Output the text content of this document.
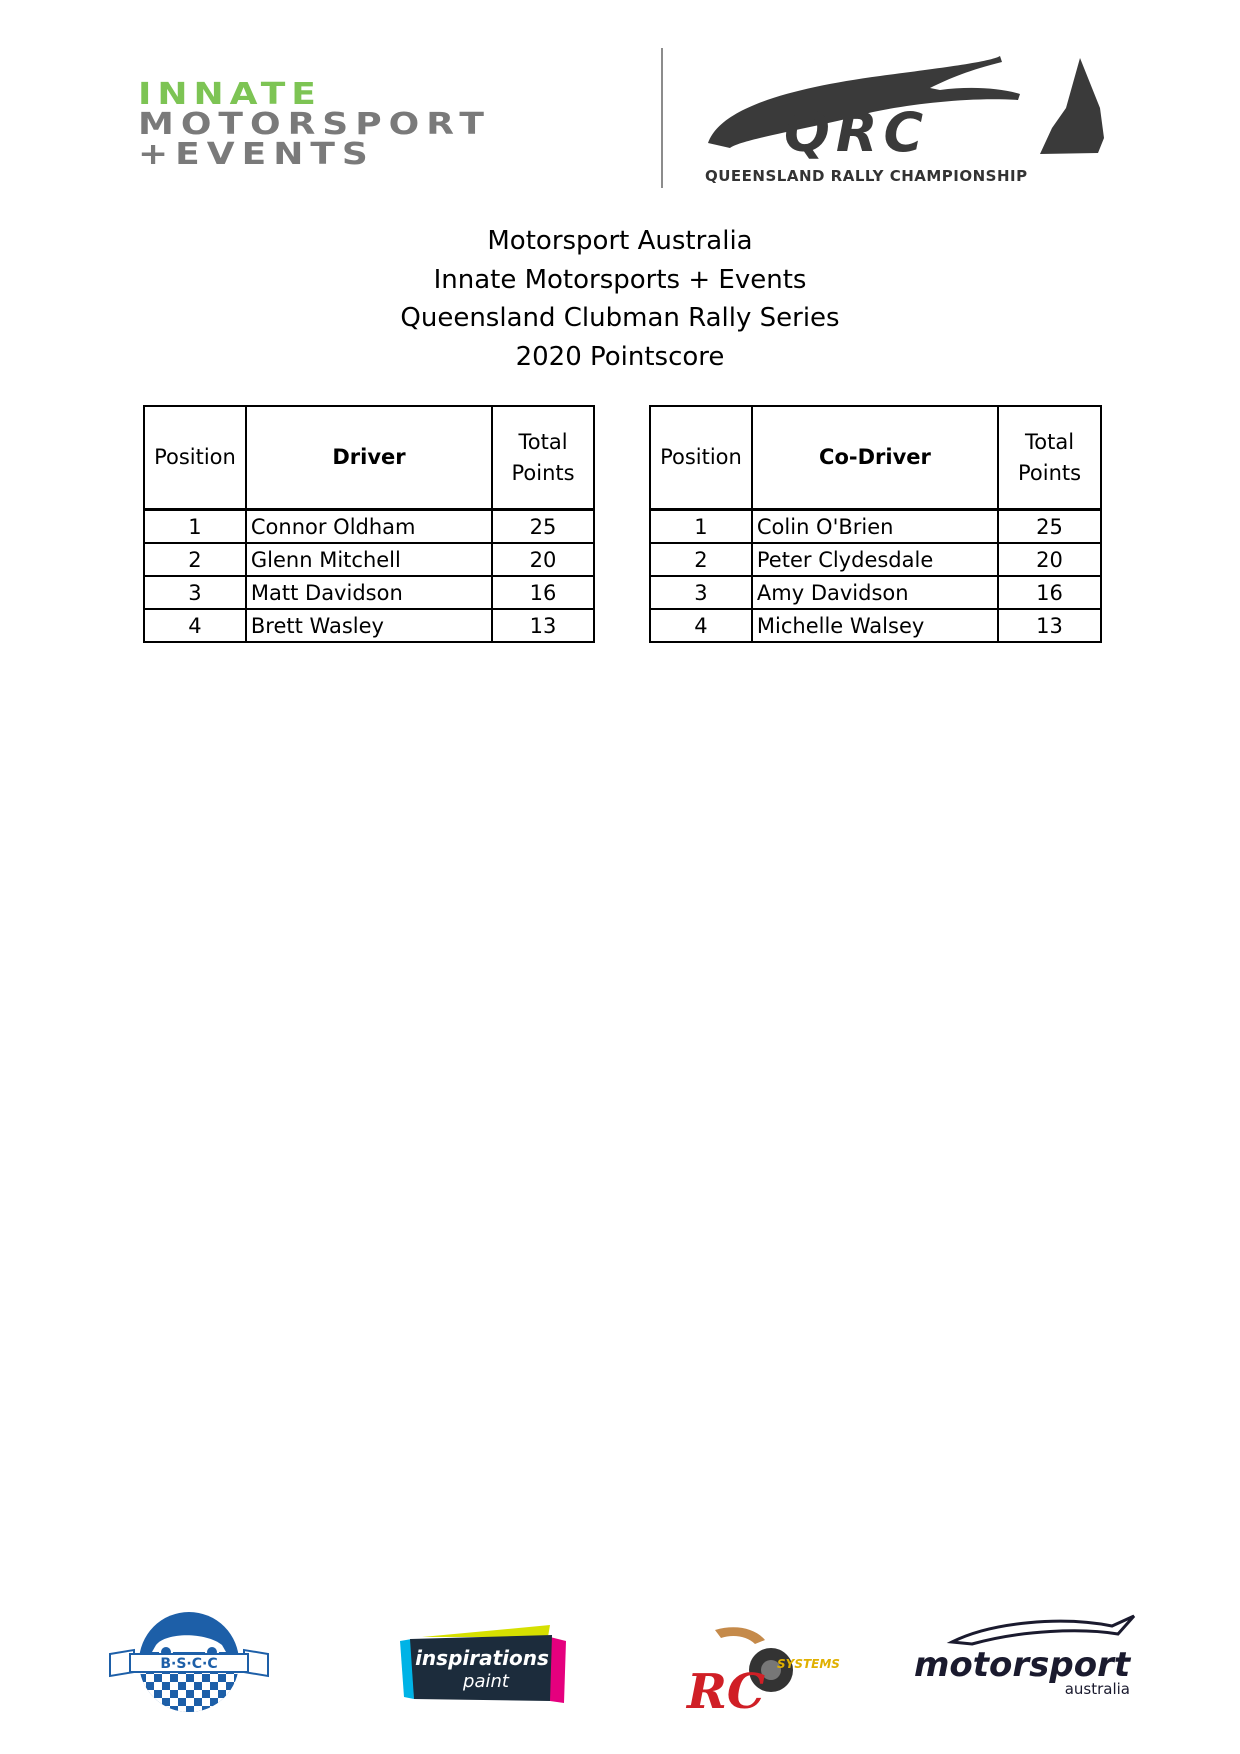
INNATE
MOTORSPORT
+EVENTS	QRC
QUEENSLAND RALLY CHAMPIONSHIP
Motorsport Australia
Innate Motorsports + Events
Queensland Clubman Rally Series
2020 Pointscore
Position	Driver	Total
Points
1	Connor Oldham	25
2	Glenn Mitchell	20
3	Matt Davidson	16
4	Brett Wasley	13
Position	Co-Driver	Total
Points
1	Colin O'Brien	25
2	Peter Clydesdale	20
3	Amy Davidson	16
4	Michelle Walsey	13
B·S·C·C	inspirations
paint	RC SYSTEMS motorsport
australia
